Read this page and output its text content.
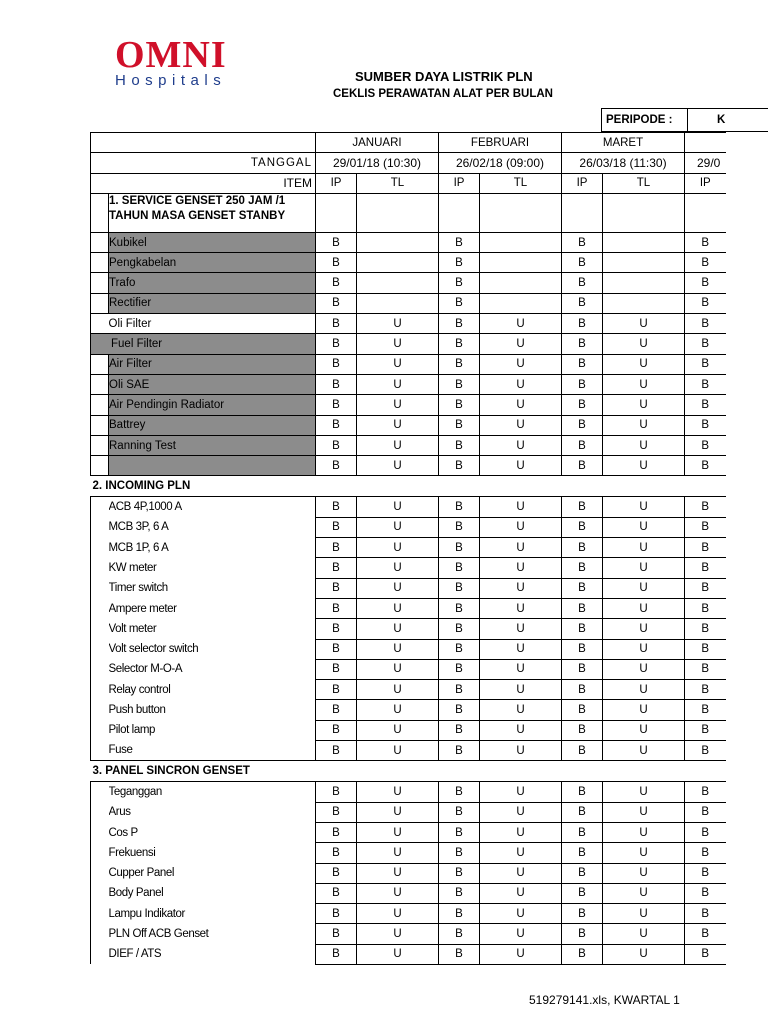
OMNI
Hospitals	SUMBER DAYA LISTRIK PLN
CEKLIS PERAWATAN ALAT PER BULAN
PERIPODE :	K
		JANUARI		FEBRUARI		MARET		
TANGGAL		29/01/18 (10:30)		26/02/18 (09:00)		26/03/18 (11:30)		29/0
ITEM		IP	TL	IP	TL	IP	TL	IP
	1. SERVICE GENSET 250 JAM /1 TAHUN MASA GENSET STANBY							
	Kubikel	B		B		B		B
	Pengkabelan	B		B		B		B
	Trafo	B		B		B		B
	Rectifier	B		B		B		B
	Oli Filter	B	U	B	U	B	U	B
Fuel Filter		B	U	B	U	B	U	B
	Air Filter	B	U	B	U	B	U	B
	Oli SAE	B	U	B	U	B	U	B
	Air Pendingin Radiator	B	U	B	U	B	U	B
	Battrey	B	U	B	U	B	U	B
	Ranning Test	B	U	B	U	B	U	B
		B	U	B	U	B	U	B
2. INCOMING PLN								
	ACB 4P,1000 A	B	U	B	U	B	U	B
	MCB 3P, 6 A	B	U	B	U	B	U	B
	MCB 1P, 6 A	B	U	B	U	B	U	B
	KW meter	B	U	B	U	B	U	B
	Timer switch	B	U	B	U	B	U	B
	Ampere meter	B	U	B	U	B	U	B
	Volt meter	B	U	B	U	B	U	B
	Volt selector switch	B	U	B	U	B	U	B
	Selector M-O-A	B	U	B	U	B	U	B
	Relay control	B	U	B	U	B	U	B
	Push button	B	U	B	U	B	U	B
	Pilot lamp	B	U	B	U	B	U	B
	Fuse	B	U	B	U	B	U	B
3. PANEL SINCRON GENSET								
	Teganggan	B	U	B	U	B	U	B
	Arus	B	U	B	U	B	U	B
	Cos P	B	U	B	U	B	U	B
	Frekuensi	B	U	B	U	B	U	B
	Cupper Panel	B	U	B	U	B	U	B
	Body Panel	B	U	B	U	B	U	B
	Lampu Indikator	B	U	B	U	B	U	B
	PLN Off ACB Genset	B	U	B	U	B	U	B
	DIEF / ATS	B	U	B	U	B	U	B
519279141.xls, KWARTAL 1
